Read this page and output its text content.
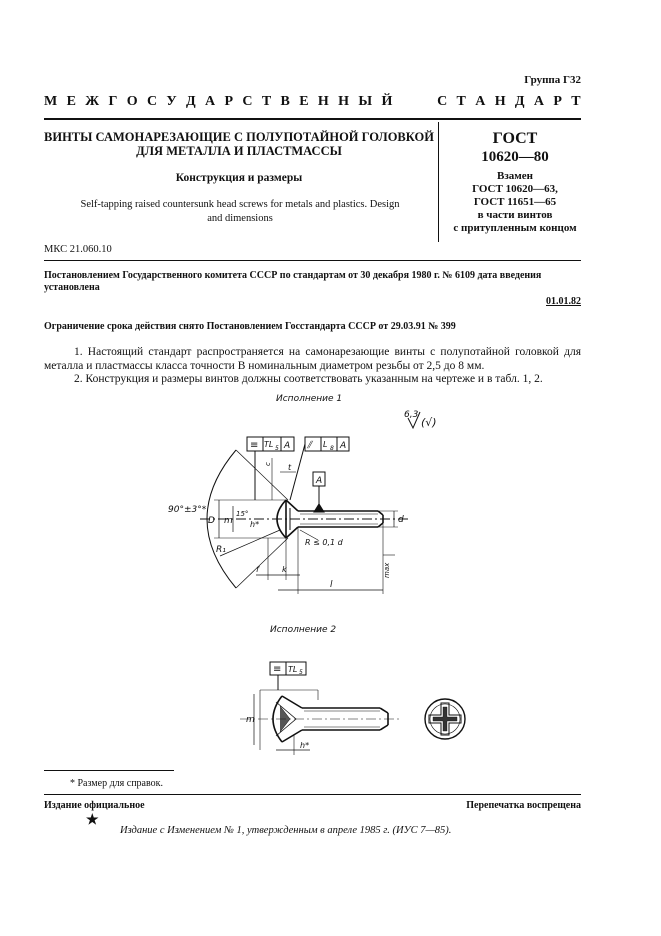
Группа Г32
М Е Ж Г О С У Д А Р С Т В Е Н Н Ы Й	С Т А Н Д А Р Т
ВИНТЫ САМОНАРЕЗАЮЩИЕ С ПОЛУПОТАЙНОЙ ГОЛОВКОЙ
ДЛЯ МЕТАЛЛА И ПЛАСТМАССЫ
Конструкция и размеры
Self-tapping raised countersunk head screws for metals and plastics. Design
and dimensions
ГОСТ
10620—80
Взамен
ГОСТ 10620—63,
ГОСТ 11651—65
в части винтов
с притупленным концом
МКС 21.060.10
Постановлением Государственного комитета СССР по стандартам от 30 декабря 1980 г. № 6109 дата введения установлена
01.01.82
Ограничение срока действия снято Постановлением Госстандарта СССР от 29.03.91 № 399
1. Настоящий стандарт распространяется на самонарезающие винты с полупотайной головкой для металла и пластмассы класса точности В номинальным диаметром резьбы от 2,5 до 8 мм.
2. Конструкция и размеры винтов должны соответствовать указанным на чертеже и в табл. 1, 2.
Исполнение 1
Исполнение 2
6,3
(√)
≡ TL 5 A ⫽	L 8 A
A
90°±3°*
D m
15°
h*
R₁
c t
R ≤ 0,1 d
d
f	k
l
max
≡ TL 5
m
h*
* Размер для справок.
Издание официальное	Перепечатка воспрещена
★
Издание с Изменением № 1, утвержденным в апреле 1985 г. (ИУС 7—85).
